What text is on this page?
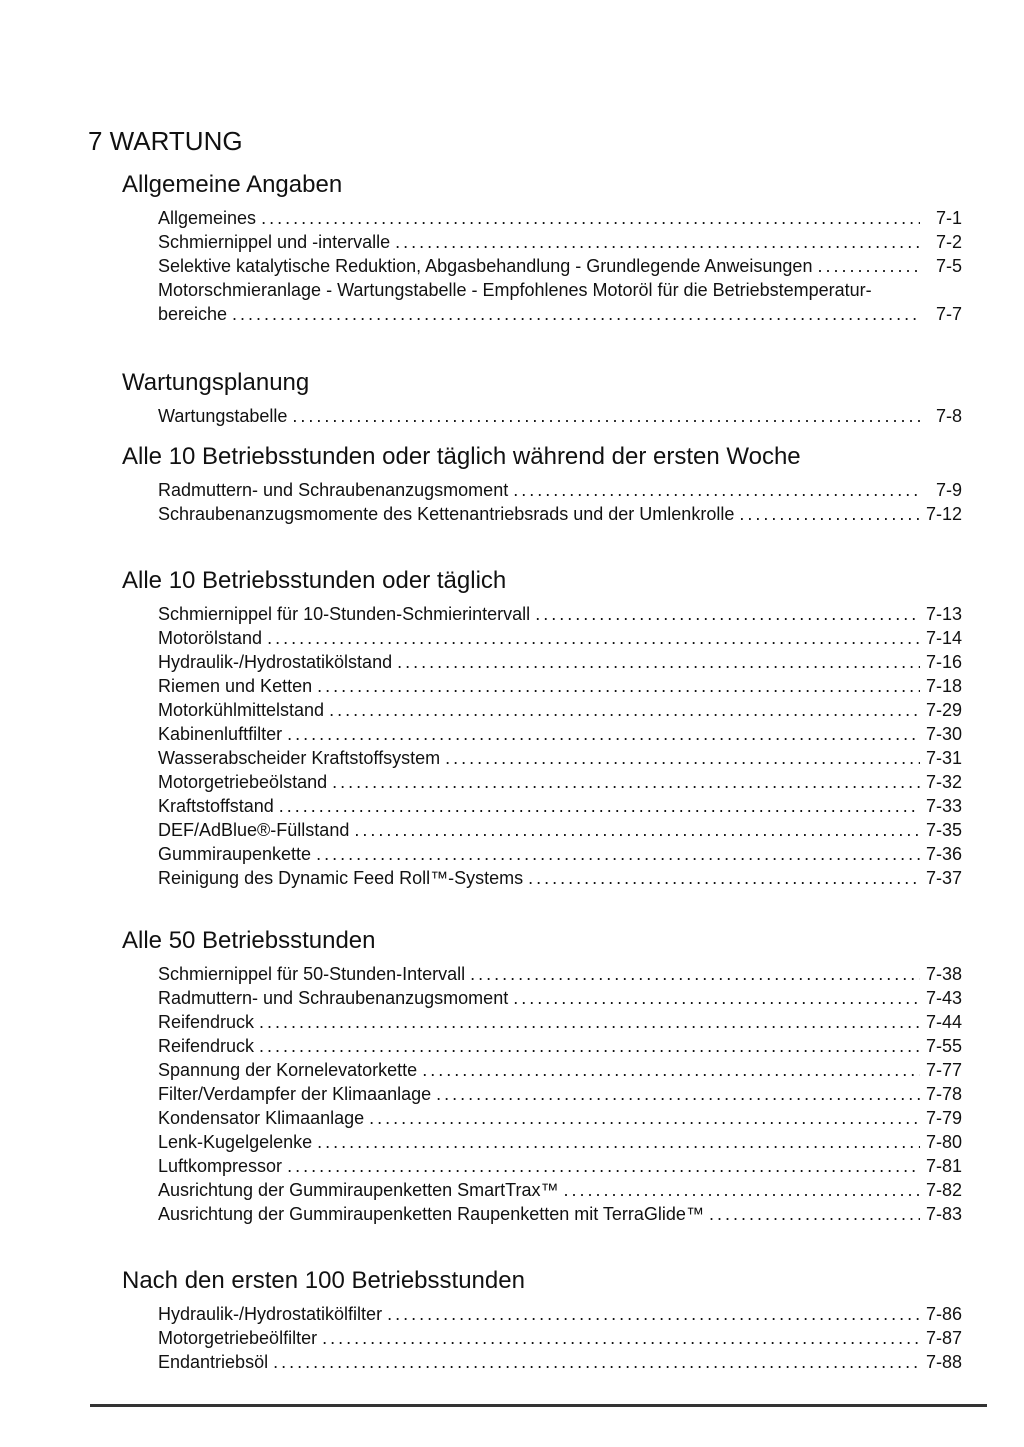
7 WARTUNG
Allgemeine Angaben
Allgemeines .....	7-1
Schmiernippel und -intervalle .....	7-2
Selektive katalytische Reduktion, Abgasbehandlung - Grundlegende Anweisungen .....	7-5
Motorschmieranlage - Wartungstabelle - Empfohlenes Motoröl für die Betriebstemperatur-
bereiche .....	7-7
Wartungsplanung
Wartungstabelle .....	7-8
Alle 10 Betriebsstunden oder täglich während der ersten Woche
Radmuttern- und Schraubenanzugsmoment .....	7-9
Schraubenanzugsmomente des Kettenantriebsrads und der Umlenkrolle .....	7-12
Alle 10 Betriebsstunden oder täglich
Schmiernippel für 10-Stunden-Schmierintervall .....	7-13
Motorölstand .....	7-14
Hydraulik-/Hydrostatikölstand .....	7-16
Riemen und Ketten .....	7-18
Motorkühlmittelstand .....	7-29
Kabinenluftfilter .....	7-30
Wasserabscheider Kraftstoffsystem .....	7-31
Motorgetriebeölstand .....	7-32
Kraftstoffstand .....	7-33
DEF/AdBlue®-Füllstand .....	7-35
Gummiraupenkette .....	7-36
Reinigung des Dynamic Feed Roll™-Systems .....	7-37
Alle 50 Betriebsstunden
Schmiernippel für 50-Stunden-Intervall .....	7-38
Radmuttern- und Schraubenanzugsmoment .....	7-43
Reifendruck .....	7-44
Reifendruck .....	7-55
Spannung der Kornelevatorkette .....	7-77
Filter/Verdampfer der Klimaanlage .....	7-78
Kondensator Klimaanlage .....	7-79
Lenk-Kugelgelenke .....	7-80
Luftkompressor .....	7-81
Ausrichtung der Gummiraupenketten SmartTrax™ .....	7-82
Ausrichtung der Gummiraupenketten Raupenketten mit TerraGlide™ .....	7-83
Nach den ersten 100 Betriebsstunden
Hydraulik-/Hydrostatikölfilter .....	7-86
Motorgetriebeölfilter .....	7-87
Endantriebsöl .....	7-88
